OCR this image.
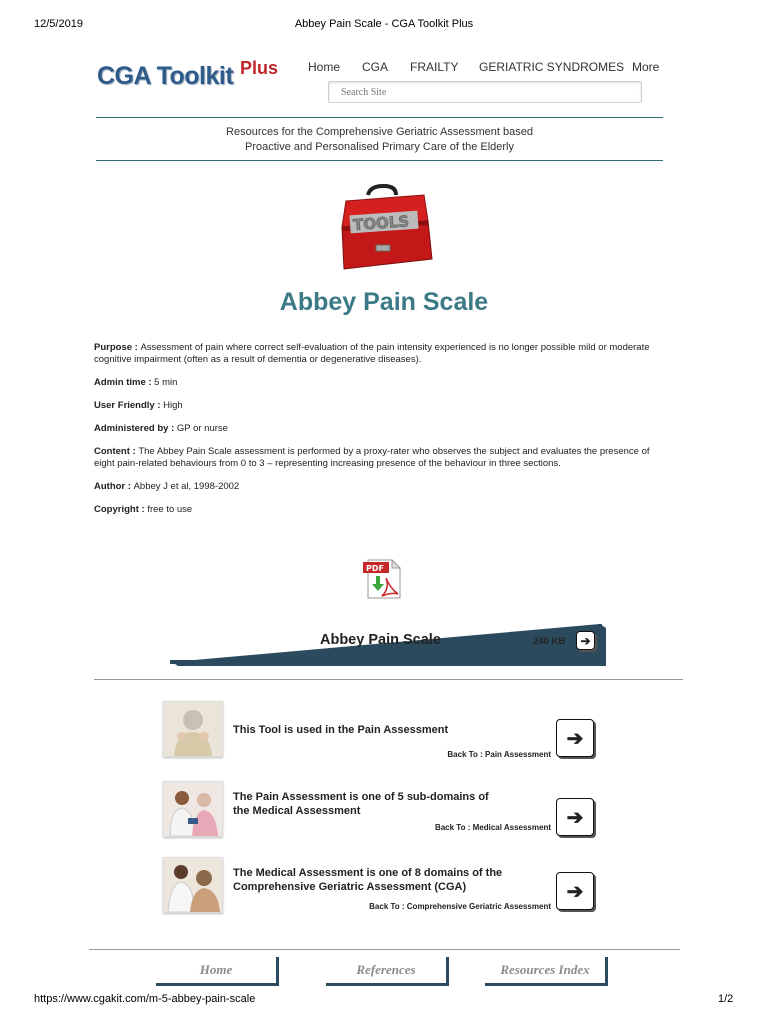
12/5/2019	Abbey Pain Scale - CGA Toolkit Plus
CGA Toolkit Plus Home CGA FRAILTY GERIATRIC SYNDROMES More
Search Site
Resources for the Comprehensive Geriatric Assessment based
Proactive and Personalised Primary Care of the Elderly
TOOLS
Abbey Pain Scale
Purpose : Assessment of pain where correct self-evaluation of the pain intensity experienced is no longer possible mild or moderate cognitive impairment (often as a result of dementia or degenerative diseases).
Admin time : 5 min
User Friendly : High
Administered by : GP or nurse
Content : The Abbey Pain Scale assessment is performed by a proxy-rater who observes the subject and evaluates the presence of eight pain-related behaviours from 0 to 3 – representing increasing presence of the behaviour in three sections.
Author : Abbey J et al, 1998-2002
Copyright : free to use
PDF
Abbey Pain Scale	240 KB ➔
This Tool is used in the Pain Assessment
Back To : Pain Assessment
➔
The Pain Assessment is one of 5 sub-domains of
the Medical Assessment
Back To : Medical Assessment ➔
The Medical Assessment is one of 8 domains of the
Comprehensive Geriatric Assessment (CGA)
Back To : Comprehensive Geriatric Assessment
➔
Home	References	Resources Index
https://www.cgakit.com/m-5-abbey-pain-scale	1/2
